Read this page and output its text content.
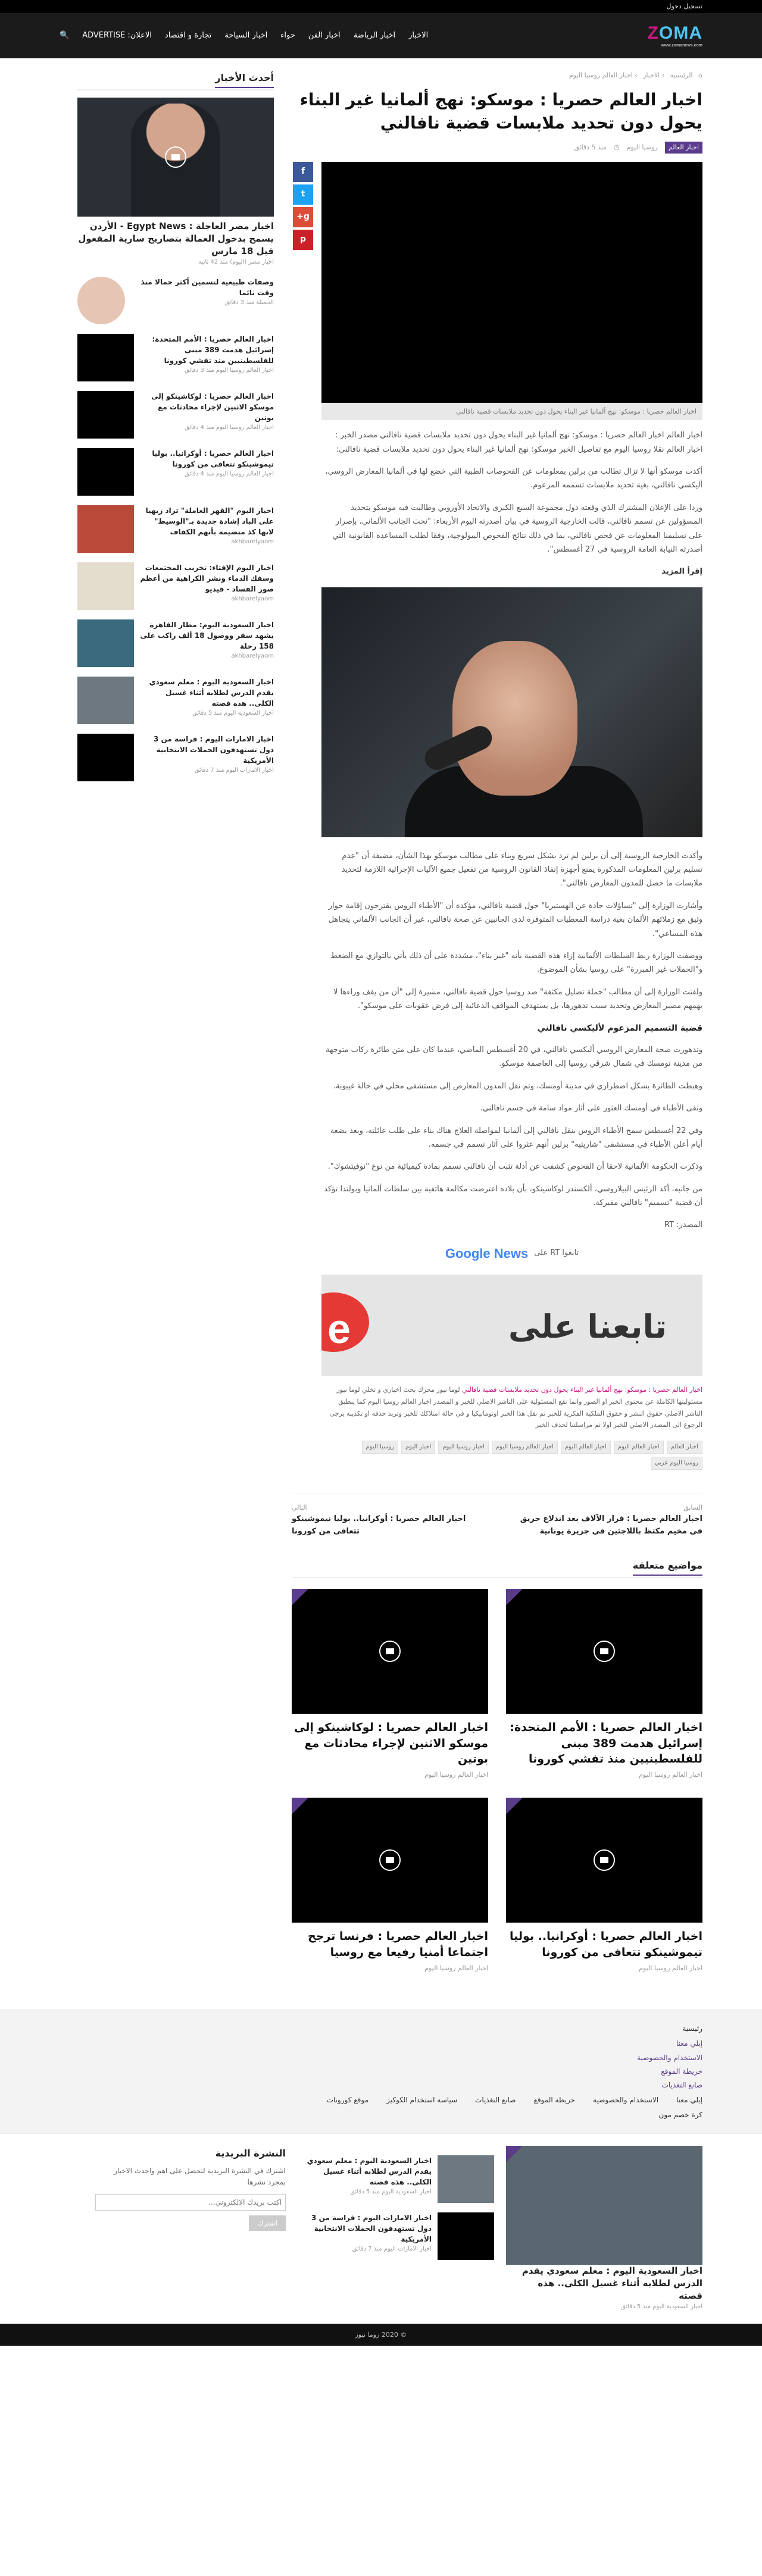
تسجيل دخول
ZOMA
www.zomanews.com
الاخبار
اخبار الرياضة
اخبار الفن
حواء
اخبار السياحة
تجارة و اقتصاد
الاعلان: ADVERTISE
🔍
⌂ الرئيسية › الاخبار › اخبار العالم روسيا اليوم
اخبار العالم حصريا : موسكو: نهج ألمانيا غير البناء يحول دون تحديد ملابسات قضية نافالني
اخبار العالم
روسيا اليوم
◷
منذ 5 دقائق
اخبار العالم حصريا : موسكو: نهج ألمانيا غير البناء يحول دون تحديد ملابسات قضية نافالني

اخبار العالم اخبار العالم حصريا : موسكو: نهج ألمانيا غير البناء يحول دون تحديد ملابسات قضية نافالني مصدر الخبر : اخبار العالم نقلا روسيا اليوم مع تفاصيل الخبر موسكو: نهج ألمانيا غير البناء يحول دون تحديد ملابسات قضية نافالني:

أكدت موسكو أنها لا تزال تطالب من برلين بمعلومات عن الفحوصات الطبية التي خضع لها في ألمانيا المعارض الروسي، أليكسي نافالني، بغية تحديد ملابسات تسممه المزعوم.

وردا على الإعلان المشترك الذي وقعته دول مجموعة السبع الكبرى والاتحاد الأوروبي وطالبت فيه موسكو بتحديد المسؤولين عن تسمم نافالني، قالت الخارجية الروسية في بيان أصدرته اليوم الأربعاء: "نحث الجانب الألماني، بإصرار على تسليمنا المعلومات عن فحص نافالني، بما في ذلك نتائج الفحوص البيولوجية، وفقا لطلب المساعدة القانونية التي أصدرته النيابة العامة الروسية في 27 أغسطس".

إقرأ المزيد

وأكدت الخارجية الروسية إلى أن برلين لم ترد بشكل سريع وبناء على مطالب موسكو بهذا الشأن، مضيفة أن "عدم تسليم برلين المعلومات المذكورة يمنع أجهزة إنفاذ القانون الروسية من تفعيل جميع الآليات الإجرائية اللازمة لتحديد ملابسات ما حصل للمدون المعارض نافالني".

وأشارت الوزارة إلى "تساؤلات حادة عن الهستيريا" حول قضية نافالني، مؤكدة أن "الأطباء الروس يقترحون إقامة حوار وثيق مع زملائهم الألمان بغية دراسة المعطيات المتوفرة لدى الجانبين عن صحة نافالني، غير أن الجانب الألماني يتجاهل هذه المساعي".

ووصفت الوزارة ربط السلطات الألمانية إزاء هذه القضية بأنه "غير بناء"، مشددة على أن ذلك يأتي بالتوازي مع الضغط و"الحملات غير المبررة" على روسيا بشأن الموضوع.

ولفتت الوزارة إلى أن مطالب "حملة تضليل مكثفة" ضد روسيا حول قضية نافالني، مشيرة إلى "أن من يقف وراءها لا يهمهم مصير المعارض وتحديد سبب تدهورها، بل يستهدف المواقف الدعائية إلى فرض عقوبات على موسكو".

قضية التسميم المزعوم لأليكسي نافالني

وتدهورت صحة المعارض الروسي أليكسي نافالني، في 20 أغسطس الماضي، عندما كان على متن طائرة ركاب متوجهة من مدينة تومسك في شمال شرقي روسيا إلى العاصمة موسكو.

وهبطت الطائرة بشكل اضطراري في مدينة أومسك، وتم نقل المدون المعارض إلى مستشفى محلي في حالة غيبوبة.

ونفى الأطباء في أومسك العثور على أثار مواد سامة في جسم نافالني.

وفي 22 أغسطس سمح الأطباء الروس بنقل نافالني إلى ألمانيا لمواصلة العلاج هناك بناء على طلب عائلته، وبعد بضعة أيام أعلن الأطباء في مستشفى "شاريتيه" برلين أنهم عثروا على آثار تسمم في جسمه.

وذكرت الحكومة الألمانية لاحقا أن الفحوص كشفت عن أدلة تثبت أن نافالني تسمم بمادة كيميائية من نوع "نوفيتشوك".

من جانبه، أكد الرئيس البيلاروسي، ألكسندر لوكاشينكو، بأن بلاده اعترضت مكالمة هاتفية بين سلطات ألمانيا وبولندا تؤكد أن قضية "تسميم" نافالني مفبركة.

المصدر: RT

تابعوا RT على
Google News
e	تابعنا على
اخبار العالم حصريا : موسكو: نهج ألمانيا غير البناء يحول دون تحديد ملابسات قضية نافالني لوما نيوز محرك بحث اخباري و تخلي لوما نيوز مسئوليتها الكاملة عن محتوى الخبر او الصور وانما تقع المسئولية على الناشر الاصلي للخبر و المصدر اخبار العالم روسيا اليوم كما ينطبق الناشر الاصلي حقوق النشر و حقوق الملكية الفكرية للخبر تم نقل هذا الخبر اوتوماتيكيا و في حالة امتلاكك للخبر وتريد حذفه او تكذيبه يرجى الرجوع الى المصدر الاصلي للخبر اولا ثم مراسلتنا لحذف الخبر
اخبار العالم
اخبار العالم اليوم
اخبار العالم اليوم
اخبار العالم روسيا اليوم
اخبار روسيا اليوم
اخبار اليوم
روسيا اليوم
روسيا اليوم عربي
f
t
g+
p
السابق
اخبار العالم حصريا : فرار الآلاف بعد اندلاع حريق في مخيم مكتظ باللاجئين في جزيرة يونانية
التالي
اخبار العالم حصريا : أوكرانيا.. بوليا تيموشينكو تتعافى من كورونا
مواضيع متعلقة
اخبار العالم حصريا : الأمم المتحدة: إسرائيل هدمت 389 مبنى للفلسطينيين منذ تفشي كورونا
اخبار العالم روسيا اليوم
اخبار العالم حصريا : لوكاشينكو إلى موسكو الاثنين لإجراء محادثات مع بوتين
اخبار العالم روسيا اليوم
اخبار العالم حصريا : أوكرانيا.. بوليا تيموشينكو تتعافى من كورونا
اخبار العالم روسيا اليوم
اخبار العالم حصريا : فرنسا ترجح اجتماعا أمنيا رفيعا مع روسيا
اخبار العالم روسيا اليوم
أحدث الأخبار
اخبار مصر العاجلة : Egypt News - الأردن يسمح بدخول العمالة بتصاريح سارية المفعول قبل 18 مارس
اخبار مصر (اليوم) منذ 42 ثانية
وصفات طبيعية لتسمين أكثر جمالا منذ وقت نائما
الجميلة منذ 3 دقائق
اخبار العالم حصريا : الأمم المتحدة: إسرائيل هدمت 389 مبنى للفلسطينيين منذ تفشي كورونا
اخبار العالم روسيا اليوم منذ 3 دقائق
اخبار العالم حصريا : لوكاشينكو إلى موسكو الاثنين لإجراء محادثات مع بوتين
اخبار العالم روسيا اليوم منذ 4 دقائق
اخبار العالم حصريا : أوكرانيا.. بوليا تيموشينكو تتعافى من كورونا
اخبار العالم روسيا اليوم منذ 4 دقائق
اخبار اليوم "القهر العاملة" تراد زيهيا على الباد إشادة جديدة بـ"الوسيط" لانها كذ متضيمة بأنهم الكفاف
akhbarelyaom
اخبار اليوم الإفتاء: تخريب المجتمعات وسفك الدماء ونشر الكراهية من أعظم صور الفساد - فيديو
akhbarelyaom
اخبار السعودية اليوم: مطار القاهرة يشهد سفر ووصول 18 ألف راكب على 158 رحلة
akhbarelyaom
اخبار السعودية اليوم : معلم سعودي يقدم الدرس لطلابه أثناء غسيل الكلى.. هذه قصته
اخبار السعودية اليوم منذ 5 دقائق
اخبار الامارات اليوم : فراسة من 3 دول تستهدفون الحملات الانتخابية الأمريكية
اخبار الامارات اليوم منذ 7 دقائق
رئيسية
إبلي معنا
الاستخدام والخصوصية
خريطة الموقع
صانع التغذيات
إبلي معنا
الاستخدام والخصوصية
خريطة الموقع
صانع التغذيات
سياسة استخدام الكوكيز
موقع كورونات
كرة خصم مون
اخبار السعودية اليوم : معلم سعودي يقدم الدرس لطلابه أثناء غسيل الكلى.. هذه قصته
اخبار السعودية اليوم منذ 5 دقائق
اخبار السعودية اليوم : معلم سعودي يقدم الدرس لطلابه أثناء غسيل الكلى.. هذه قصته
اخبار السعودية اليوم منذ 5 دقائق
اخبار الامارات اليوم : فراسة من 3 دول تستهدفون الحملات الانتخابية الأمريكية
اخبار الامارات اليوم منذ 7 دقائق
النشرة البريدية
اشترك في النشرة البريدية لتحصل على اهم واحدث الاخبار بمجرد نشرها
اكتب بريدك الالكتروني... اشترك
© 2020 زوما نيوز
